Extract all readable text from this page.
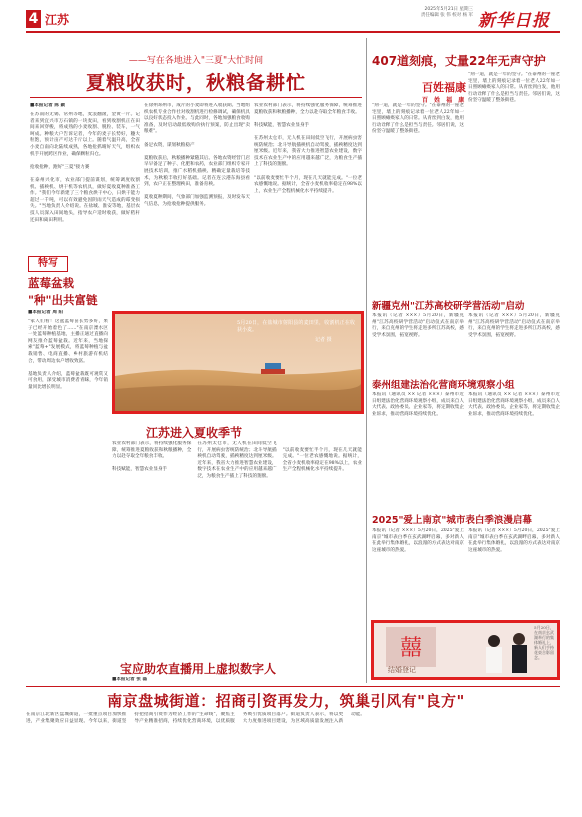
4 江苏
2025年5月21日 星期三
责任编辑 张 伟 校对 杨 军 新华日报
——写在各地进入"三夏"大忙时间
夏粮收获时，秋粮备耕忙
■本报记者 陈 颖
在苏南的无锡、常州等地，麦浪翻滚，金黄一片。记者来到宜兴市万石镇的一块麦田，看到收割机正在田间来回穿梭，将成熟的小麦收割、脱粒、装车，一气呵成。种粮大户告诉记者，今年的麦子长势好，穗大粒饱，预计亩产可达千斤以上。随着气温升高，全省小麦自南向北陆续成熟，各地抢抓晴好天气，组织农机手开展跨区作业，确保颗粒归仓。

抢收抢种，跑好"三夏"接力赛

在泰州兴化市，农业部门提前谋划，统筹调度收割机、插秧机、烘干机等农机具，做好夏收夏种准备工作。"我们今年新建了三个粮食烘干中心，日烘干能力超过一千吨，可以有效避免因阴雨天气造成的霉变损失。"当地负责人介绍说。在盐城、淮安等地，基层农技人员深入田间地头，指导农户适时收获，做好秸秆还田和离田利用。
在徐州邳州市，成片的小麦即将进入收获期。当地组织农机专业合作社对收割机进行检修调试，确保机具以良好状态投入作业。与此同时，各地加强粮食收购准备，及时启动最低收购价执行预案，防止出现"卖粮难"。

备足农资，谋划秋粮稳产

夏粮收获后，秋粮播种紧随其后。各地农资经营门店早早备足了种子、化肥和农药，农业部门组织专家开展技术培训，推广水稻机插秧、精确定量栽培等技术，为秋粮丰收打好基础。记者在连云港东海县看到，农户正在整理秧田，准备育秧。

夏收夏种期间，气象部门加强监测预报，及时发布天气信息，为抢收抢种提供服务。
农业农村部门表示，将持续强化服务保障，统筹推进夏粮收获和秋粮播种，全力以赴夺取全年粮食丰收。

科技赋能，智慧农业显身手

在苏州太仓市，无人机在田间低空飞行，开展病虫害统防统治；北斗导航插秧机自动驾驶，插秧精度达到厘米级。近年来，我省大力推进智慧农业建设，数字技术在农业生产中的应用越来越广泛，为粮食生产插上了科技的翅膀。

"以前收麦要忙半个月，现在几天就能完成。"一位老农感慨地说。据统计，全省小麦机收率稳定在98%以上，农业生产全程机械化水平持续提升。
特写
蓝莓盆栽
"种"出共富链
■本报记者 周 阳
"家人们看！这盆蓝莓苗长势多好，果子已经开始着色了……"在南京溧水区一处蓝莓种植基地，主播正通过直播向网友推介蓝莓盆栽。近年来，当地探索"蓝莓+"发展模式，将蓝莓种植与盆栽销售、电商直播、乡村旅游有机结合，带动周边农户增收致富。

基地负责人介绍，蓝莓盆栽既可观赏又可食用，深受城市消费者青睐，今年销量同比增长明显。
5月20日，在盐城市射阳县的麦田里，收割机正在收获小麦。
记者 摄
江苏进入夏收季节
农业农村部门表示，将持续强化服务保障，统筹推进夏粮收获和秋粮播种，全力以赴夺取全年粮食丰收。

科技赋能，智慧农业显身手

在苏州太仓市，无人机在田间低空飞行，开展病虫害统防统治；北斗导航插秧机自动驾驶，插秧精度达到厘米级。近年来，我省大力推进智慧农业建设，数字技术在农业生产中的应用越来越广泛，为粮食生产插上了科技的翅膀。

"以前收麦要忙半个月，现在几天就能完成。"一位老农感慨地说。据统计，全省小麦机收率稳定在98%以上，农业生产全程机械化水平持续提升。
宝应助农直播用上虚拟数字人
■本报记者 张 磊
407道刻痕，丈量22年无声守护
百姓福康
百 姓 福 康
"刻一道，就是一年的坚守。"在泰州的一座老宅里，墙上的刻痕记录着一位老人22年如一日照顾瘫痪家人的日常。从青丝到白发，他用行动诠释了什么是担当与责任。邻居们说，这份坚守温暖了整条街巷。
"刻一道，就是一年的坚守。"在泰州的一座老宅里，墙上的刻痕记录着一位老人22年如一日照顾瘫痪家人的日常。从青丝到白发，他用行动诠释了什么是担当与责任。邻居们说，这份坚守温暖了整条街巷。
新疆克州"江苏高校研学营活动"启动
本报讯（记者 ×××）5月20日，新疆克州"江苏高校研学营活动"启动仪式在南京举行，来自克州的学生将走进多所江苏高校，感受学术氛围，拓宽视野。
本报讯（记者 ×××）5月20日，新疆克州"江苏高校研学营活动"启动仪式在南京举行，来自克州的学生将走进多所江苏高校，感受学术氛围，拓宽视野。
泰州组建法治化营商环境观察小组
本报讯（通讯员 ×× 记者 ×××）泰州市近日组建法治化营商环境观察小组，成员来自人大代表、政协委员、企业家等，将定期收集企业诉求，推动营商环境持续优化。
本报讯（通讯员 ×× 记者 ×××）泰州市近日组建法治化营商环境观察小组，成员来自人大代表、政协委员、企业家等，将定期收集企业诉求，推动营商环境持续优化。
2025"爱上南京"城市表白季浪漫启幕
本报讯（记者 ×××）5月20日，2025"爱上南京"城市表白季在玄武湖畔启幕，多对新人在此举行集体婚礼，以浪漫的方式表达对南京这座城市的热爱。
本报讯（记者 ×××）5月20日，2025"爱上南京"城市表白季在玄武湖畔启幕，多对新人在此举行集体婚礼，以浪漫的方式表达对南京这座城市的热爱。
囍
结婚登记
5月20日，在南京玄武湖举行的集体婚礼上，新人们手持花束合影留念。
南京盘城街道：招商引资再发力，筑巢引风有"良方"
在南京江北新区盘城街道，一批重点项目加快推进，产业集聚效应日益显现。今年以来，街道坚持把招商引资作为经济工作的"生命线"，聚焦主导产业精准招商，持续优化营商环境，以优质服务吸引优质项目落户。街道负责人表示，将以更大力度推进项目建设，为区域高质量发展注入新动能。
